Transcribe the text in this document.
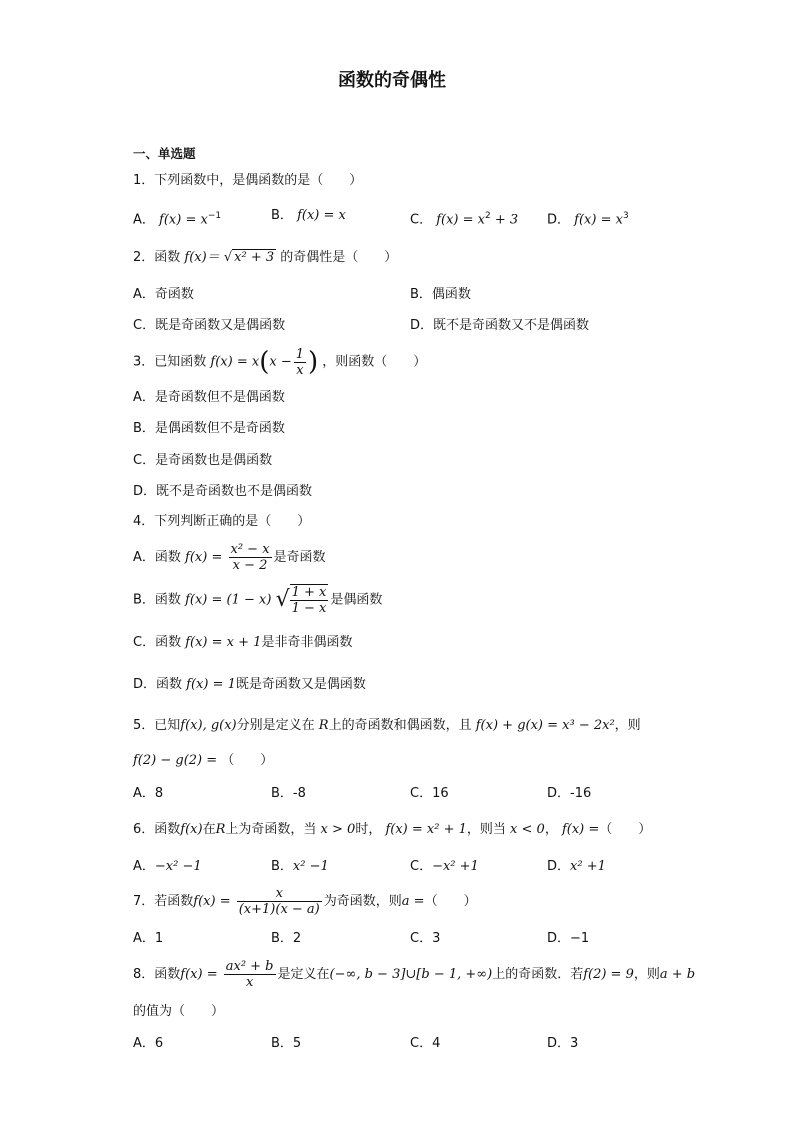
函数的奇偶性
一、单选题
1．下列函数中，是偶函数的是（　　）
A． $f(x) = x^{-1}$	B． f(x) = x	C． $f(x) = x^2 + 3$ D． $f(x) = x^3$
2．函数 f(x)＝ √ x² + 3 的奇偶性是（　　）
A．奇函数	B．偶函数
C．既是奇函数又是偶函数	D．既不是奇函数又不是偶函数
3．已知函数 $f(x) = x(x - \frac{1}{x}$ ) ，则函数（　　）
A．是奇函数但不是偶函数
B．是偶函数但不是奇函数
C．是奇函数也是偶函数
D．既不是奇函数也不是偶函数
4．下列判断正确的是（　　）
A．函数 $f(x) = \frac{\text{x² − x}}{x - 2}$ 是奇函数
B．函数 f(x) = (1 − x) √ $\frac{1 + x}{1 - x}$ 是偶函数
C．函数 f(x) = x + 1是非奇非偶函数
D．函数 f(x) = 1既是奇函数又是偶函数
5．已知f(x), g(x)分别是定义在 R上的奇函数和偶函数，且 f(x) + g(x) = x³ − 2x²，则
f(2) − g(2) = （　　）
A．8	B．-8	C．16	D．-16
6．函数f(x)在R上为奇函数，当 x > 0时， f(x) = x² + 1，则当 x < 0， f(x) =（　　）
A．−x² −1	B．x² −1	C．−x² +1	D．x² +1
7．若函数$f(x) = \frac{x}{(x+1)(x - a)}$ 为奇函数，则a =（　　）
A．1	B．2	C．3	D．−1
8．函数$f(x) = \frac{\text{ax² + b}}{x}$ 是定义在(−∞, b − 3]∪[b − 1, +∞)上的奇函数．若f(2) = 9，则a + b
的值为（　　）
A．6	B．5	C．4	D．3
